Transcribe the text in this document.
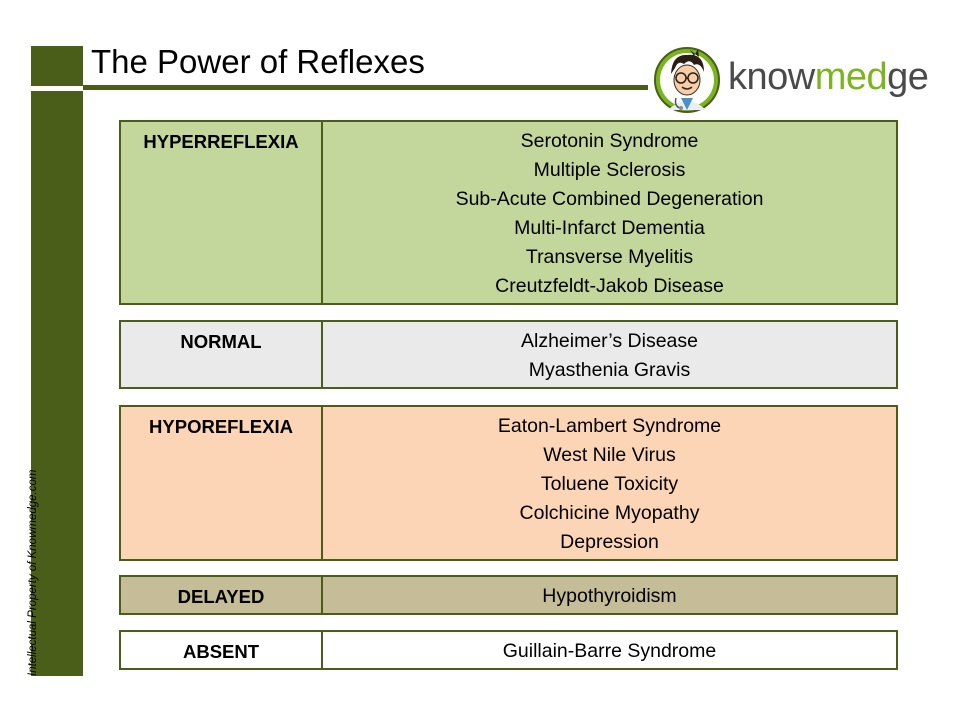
The Power of Reflexes
Intellectual Property of Knowmedge.com
knowmedge
HYPERREFLEXIA	Serotonin Syndrome
Multiple Sclerosis
Sub-Acute Combined Degeneration
Multi-Infarct Dementia
Transverse Myelitis
Creutzfeldt-Jakob Disease
NORMAL	Alzheimer’s Disease
Myasthenia Gravis
HYPOREFLEXIA	Eaton-Lambert Syndrome
West Nile Virus
Toluene Toxicity
Colchicine Myopathy
Depression
DELAYED	Hypothyroidism
ABSENT	Guillain-Barre Syndrome
